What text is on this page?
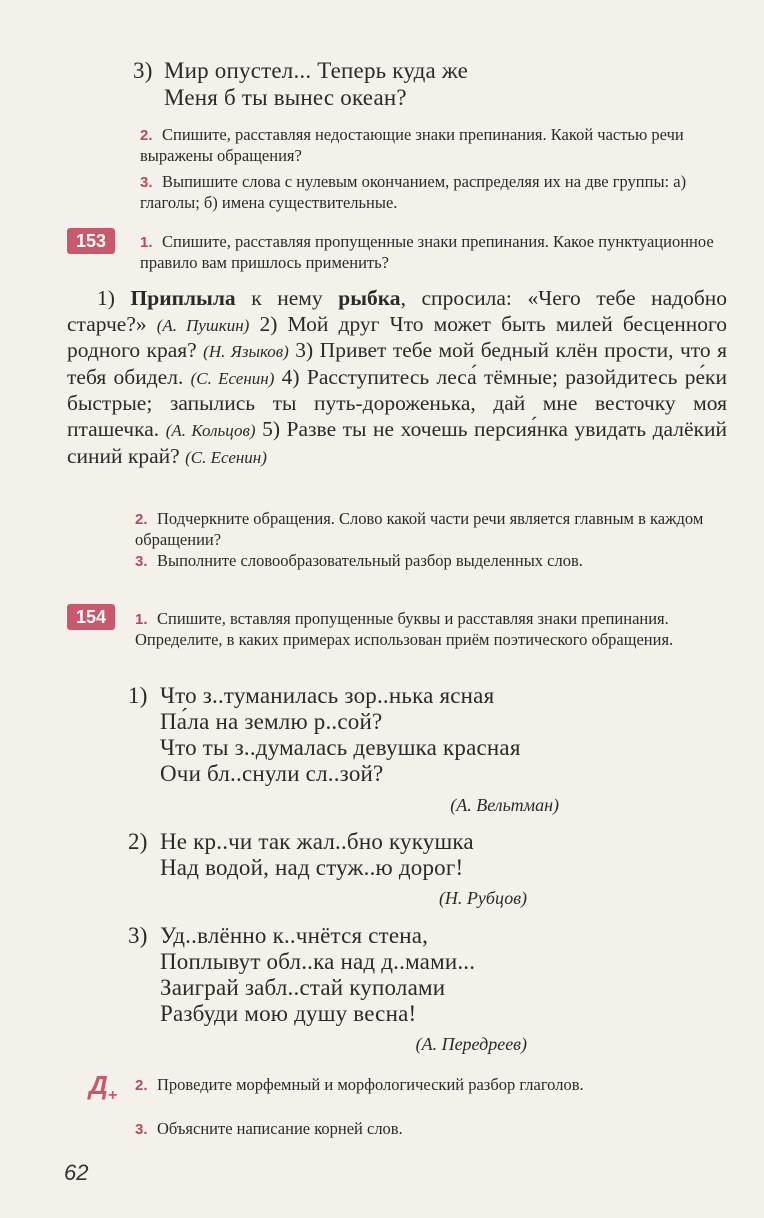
3) Мир опустел... Теперь куда же
Меня б ты вынес океан?
2. Спишите, расставляя недостающие знаки препинания. Какой частью речи выражены обращения?
3. Выпишите слова с нулевым окончанием, распределяя их на две группы: а) глаголы; б) имена существительные.
153	1. Спишите, расставляя пропущенные знаки препинания. Какое пунктуационное правило вам пришлось применить?
1) Приплыла к нему рыбка, спросила: «Чего тебе надобно старче?» (А. Пушкин) 2) Мой друг Что может быть милей бесценного родного края? (Н. Языков) 3) Привет тебе мой бедный клён прости, что я тебя обидел. (С. Есенин) 4) Расступитесь леса́ тёмные; разойдитесь ре́ки быстрые; запылись ты путь-дороженька, дай мне весточку моя пташечка. (А. Кольцов) 5) Разве ты не хочешь персия́нка увидать далёкий синий край? (С. Есенин)
2. Подчеркните обращения. Слово какой части речи является главным в каждом обращении?
3. Выполните словообразовательный разбор выделенных слов.
154	1. Спишите, вставляя пропущенные буквы и расставляя знаки препинания. Определите, в каких примерах использован приём поэтического обращения.
1) Что з..туманилась зор..нька ясная
Па́ла на землю р..сой?
Что ты з..думалась девушка красная
Очи бл..снули сл..зой?
(А. Вельтман)
2) Не кр..чи так жал..бно кукушка
Над водой, над стуж..ю дорог!
(Н. Рубцов)
3) Уд..влённо к..чнётся стена,
Поплывут обл..ка над д..мами...
Заиграй забл..стай куполами
Разбуди мою душу весна!
(А. Передреев)
$Д_+$
2. Проведите морфемный и морфологический разбор глаголов.
3. Объясните написание корней слов.
62
